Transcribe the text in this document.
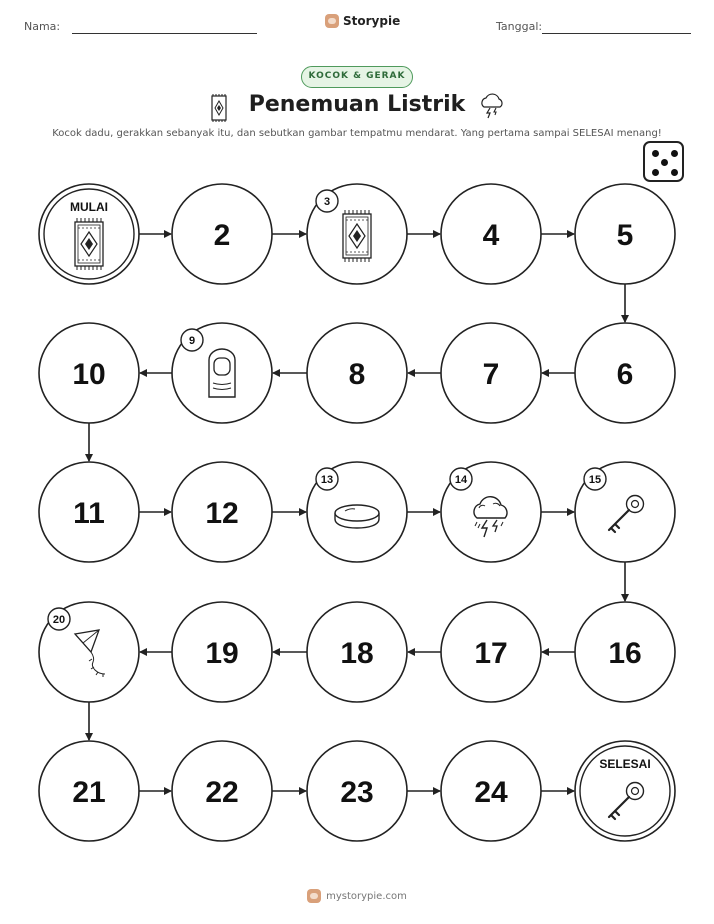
Nama:	Storypie	Tanggal:
KOCOK & GERAK
Penemuan Listrik
Kocok dadu, gerakkan sebanyak itu, dan sebutkan gambar tempatmu mendarat. Yang pertama sampai SELESAI menang!
MULAI
2
3
4	5
6
7
8
9
10
11	12
13	14	15
16
17
18
19
20
21	22	23	24
SELESAI
mystorypie.com
